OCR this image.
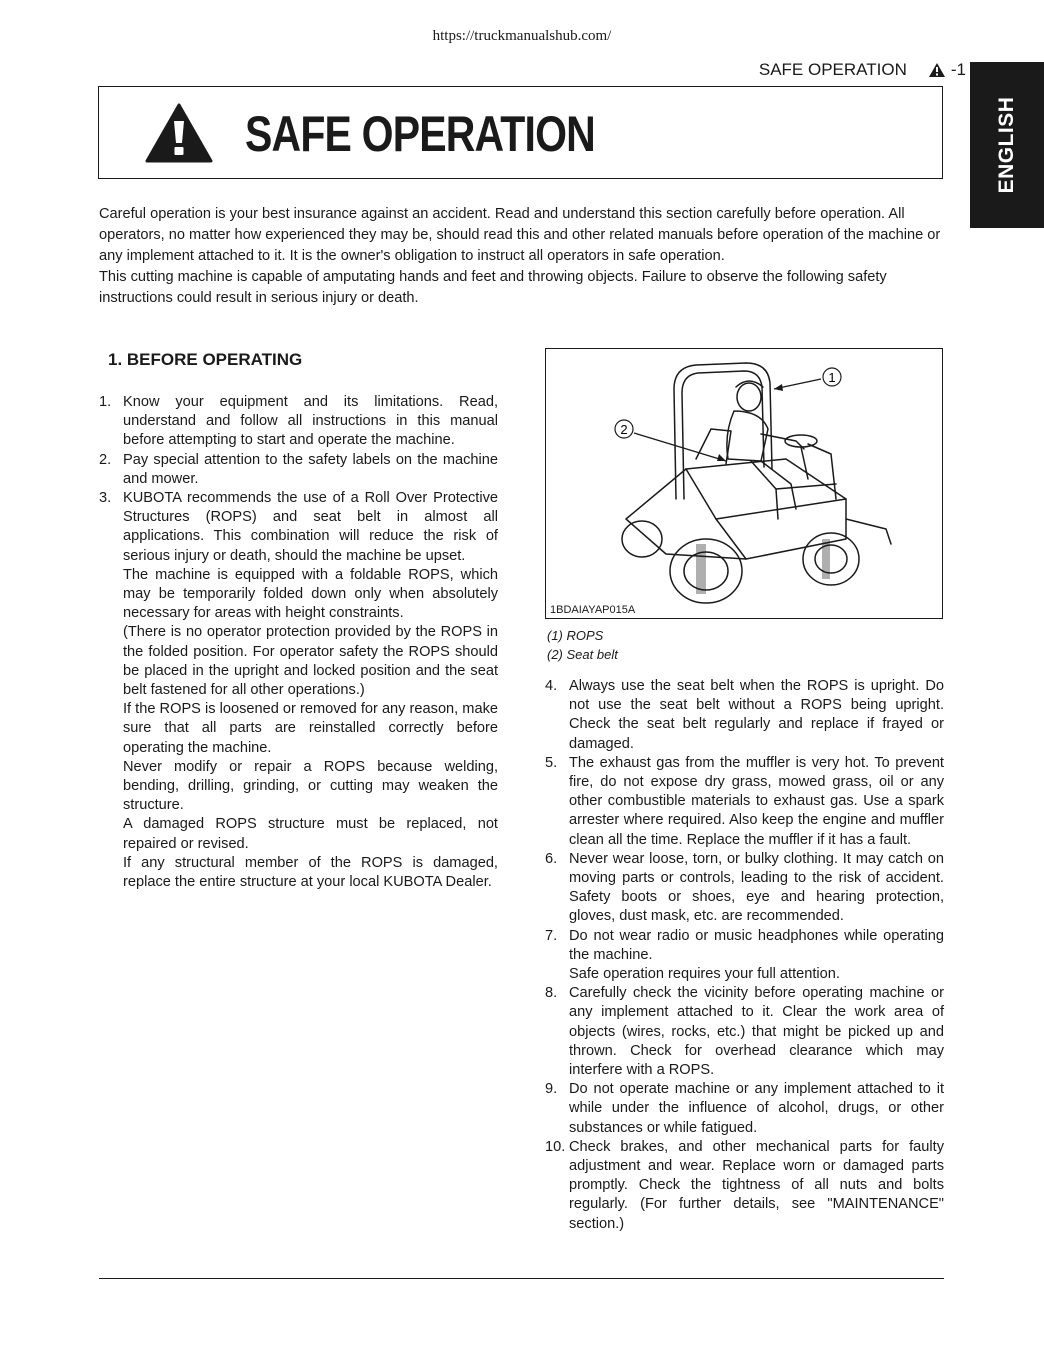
https://truckmanualshub.com/
SAFE OPERATION	-1
ENGLISH
SAFE OPERATION

Careful operation is your best insurance against an accident. Read and understand this section carefully before operation. All operators, no matter how experienced they may be, should read this and other related manuals before operation of the machine or any implement attached to it. It is the owner's obligation to instruct all operators in safe operation.

This cutting machine is capable of amputating hands and feet and throwing objects. Failure to observe the following safety instructions could result in serious injury or death.

1. BEFORE OPERATING
1. Know your equipment and its limitations. Read, understand and follow all instructions in this manual before attempting to start and operate the machine.

2. Pay special attention to the safety labels on the machine and mower.

3. KUBOTA recommends the use of a Roll Over Protective Structures (ROPS) and seat belt in almost all applications. This combination will reduce the risk of serious injury or death, should the machine be upset.

The machine is equipped with a foldable ROPS, which may be temporarily folded down only when absolutely necessary for areas with height constraints.

(There is no operator protection provided by the ROPS in the folded position. For operator safety the ROPS should be placed in the upright and locked position and the seat belt fastened for all other operations.)

If the ROPS is loosened or removed for any reason, make sure that all parts are reinstalled correctly before operating the machine.

Never modify or repair a ROPS because welding, bending, drilling, grinding, or cutting may weaken the structure.

A damaged ROPS structure must be replaced, not repaired or revised.

If any structural member of the ROPS is damaged, replace the entire structure at your local KUBOTA Dealer.

1
2
1BDAIAYAP015A
(1) ROPS
(2) Seat belt
4. Always use the seat belt when the ROPS is upright. Do not use the seat belt without a ROPS being upright. Check the seat belt regularly and replace if frayed or damaged.

5. The exhaust gas from the muffler is very hot. To prevent fire, do not expose dry grass, mowed grass, oil or any other combustible materials to exhaust gas. Use a spark arrester where required. Also keep the engine and muffler clean all the time. Replace the muffler if it has a fault.

6. Never wear loose, torn, or bulky clothing. It may catch on moving parts or controls, leading to the risk of accident. Safety boots or shoes, eye and hearing protection, gloves, dust mask, etc. are recommended.

7. Do not wear radio or music headphones while operating the machine.

Safe operation requires your full attention.

8. Carefully check the vicinity before operating machine or any implement attached to it. Clear the work area of objects (wires, rocks, etc.) that might be picked up and thrown. Check for overhead clearance which may interfere with a ROPS.

9. Do not operate machine or any implement attached to it while under the influence of alcohol, drugs, or other substances or while fatigued.

10. Check brakes, and other mechanical parts for faulty adjustment and wear. Replace worn or damaged parts promptly. Check the tightness of all nuts and bolts regularly. (For further details, see "MAINTENANCE" section.)
